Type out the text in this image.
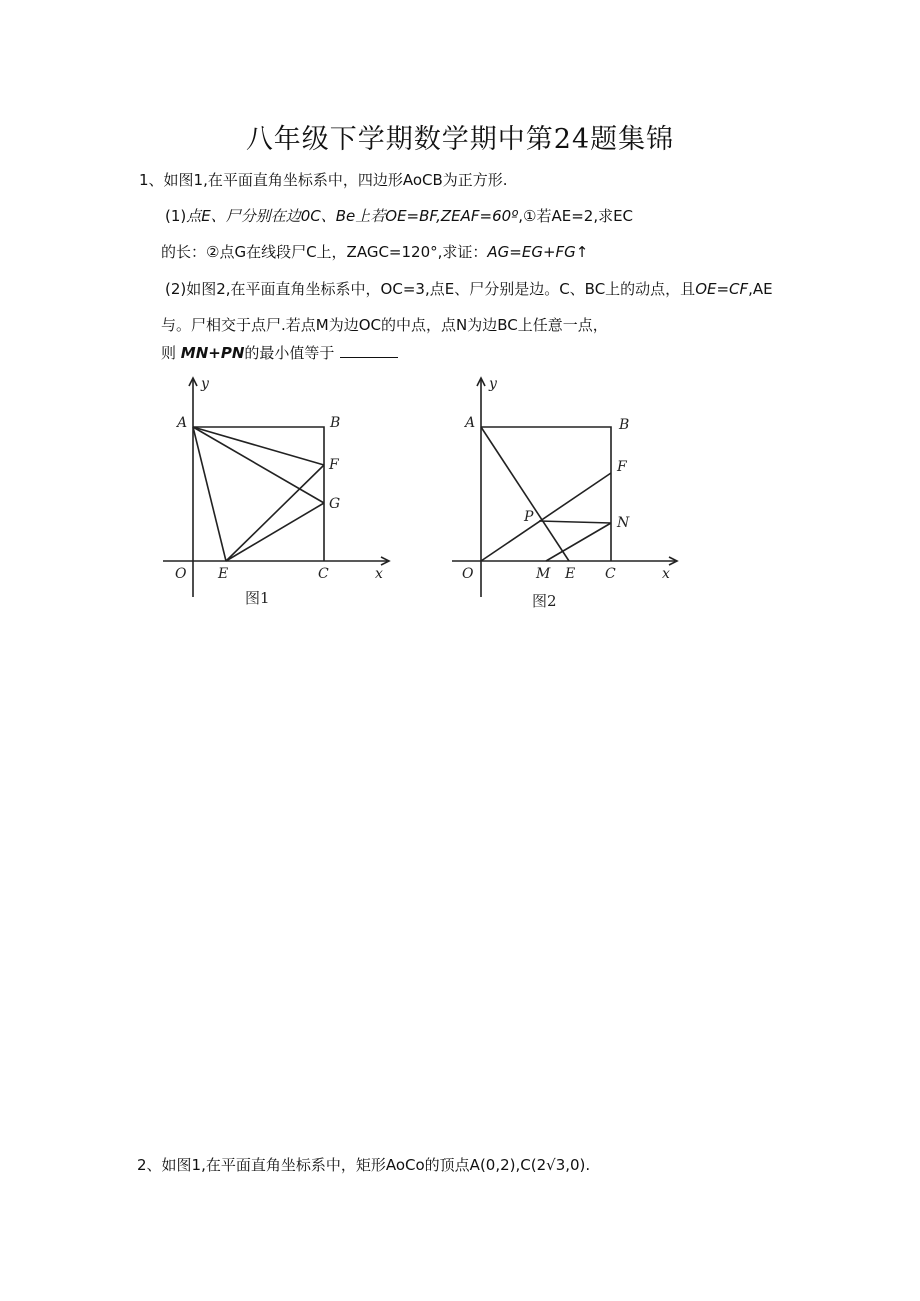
八年级下学期数学期中第24题集锦
1、如图1,在平面直角坐标系中，四边形AoCB为正方形.
(1)点E、尸分别在边0C、Be上若OE=BF,ZEAF=60º,①若AE=2,求EC
的长：②点G在线段尸C上，ZAGC=120°,求证：AG=EG+FG↑
(2)如图2,在平面直角坐标系中，OC=3,点E、尸分别是边。C、BC上的动点，且OE=CF,AE
与。尸相交于点尸.若点M为边OC的中点，点N为边BC上任意一点，
则 MN+PN的最小值等于
y
A	B
F
G
O E	C	x
图1
y
A	B
F
P	N
O	M E C	x
图2
2、如图1,在平面直角坐标系中，矩形AoCo的顶点A(0,2),C(2√3,0).
